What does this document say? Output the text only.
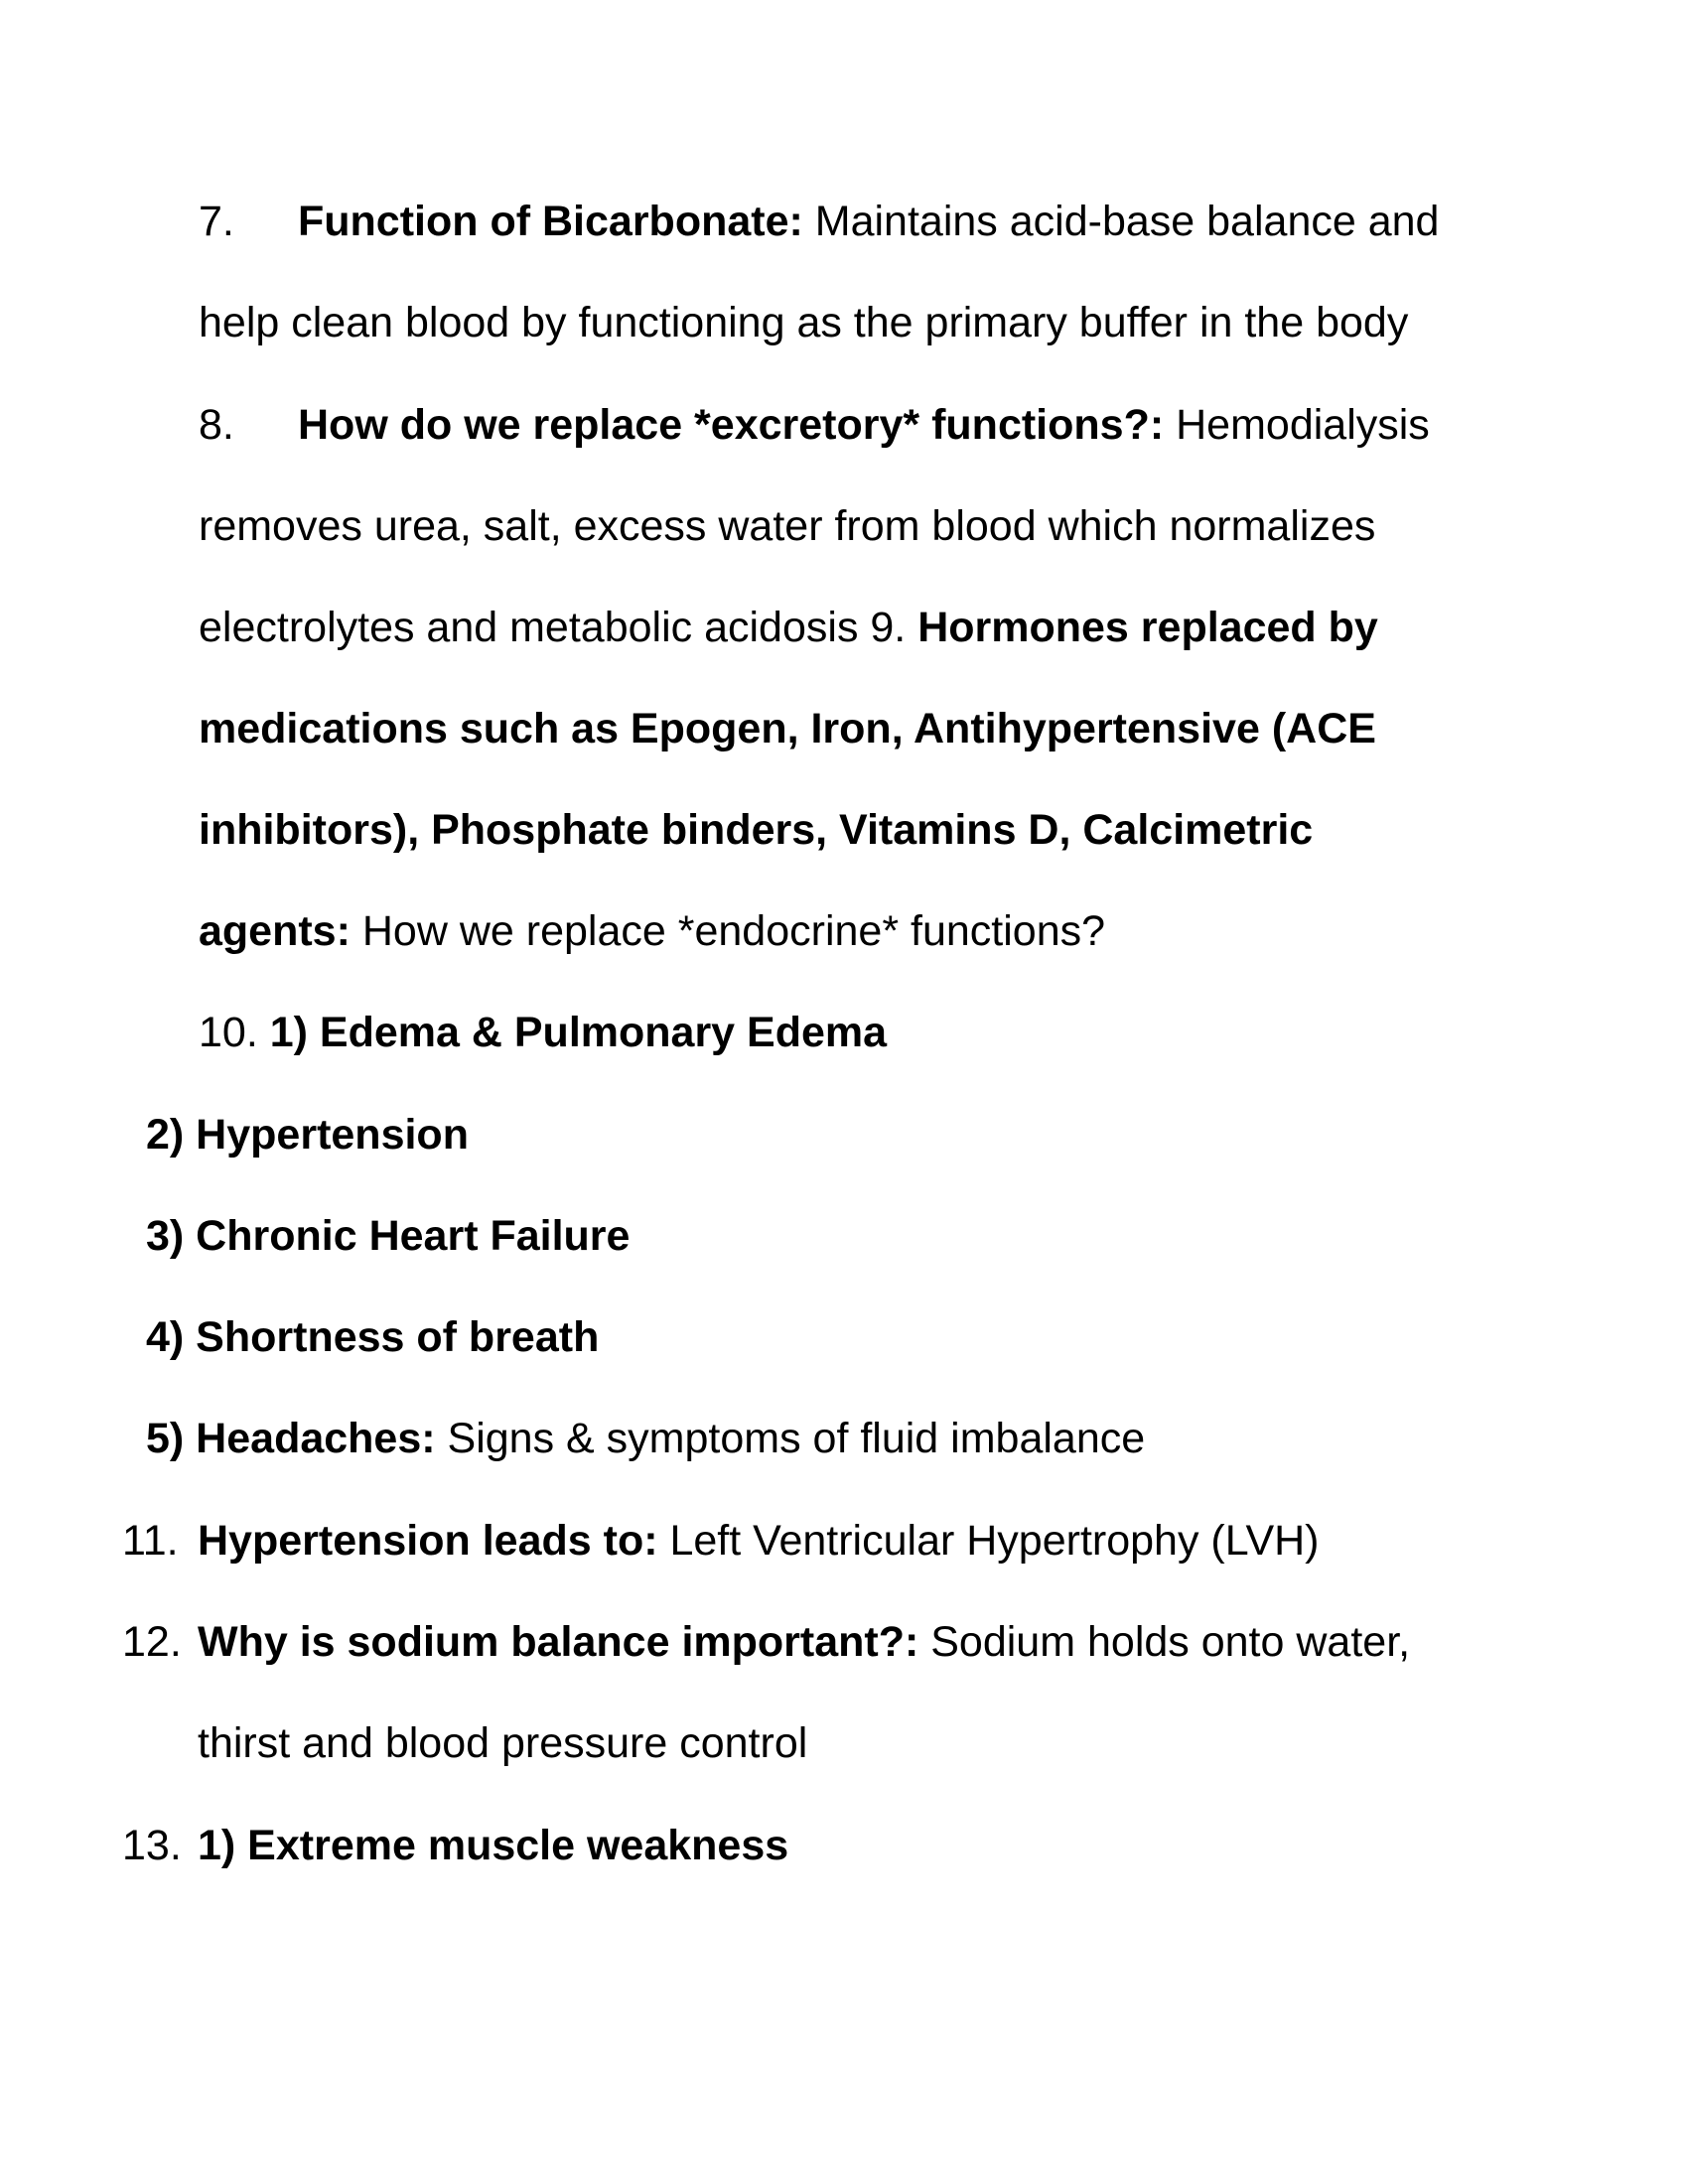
7. Function of Bicarbonate: Maintains acid-base balance and
help clean blood by functioning as the primary buffer in the body
8. How do we replace *excretory* functions?: Hemodialysis
removes urea, salt, excess water from blood which normalizes
electrolytes and metabolic acidosis 9. Hormones replaced by
medications such as Epogen, Iron, Antihypertensive (ACE
inhibitors), Phosphate binders, Vitamins D, Calcimetric
agents: How we replace *endocrine* functions?
10. 1) Edema & Pulmonary Edema
2) Hypertension
3) Chronic Heart Failure
4) Shortness of breath
5) Headaches: Signs & symptoms of fluid imbalance
11. Hypertension leads to: Left Ventricular Hypertrophy (LVH)
12. Why is sodium balance important?: Sodium holds onto water,
thirst and blood pressure control
13. 1) Extreme muscle weakness
